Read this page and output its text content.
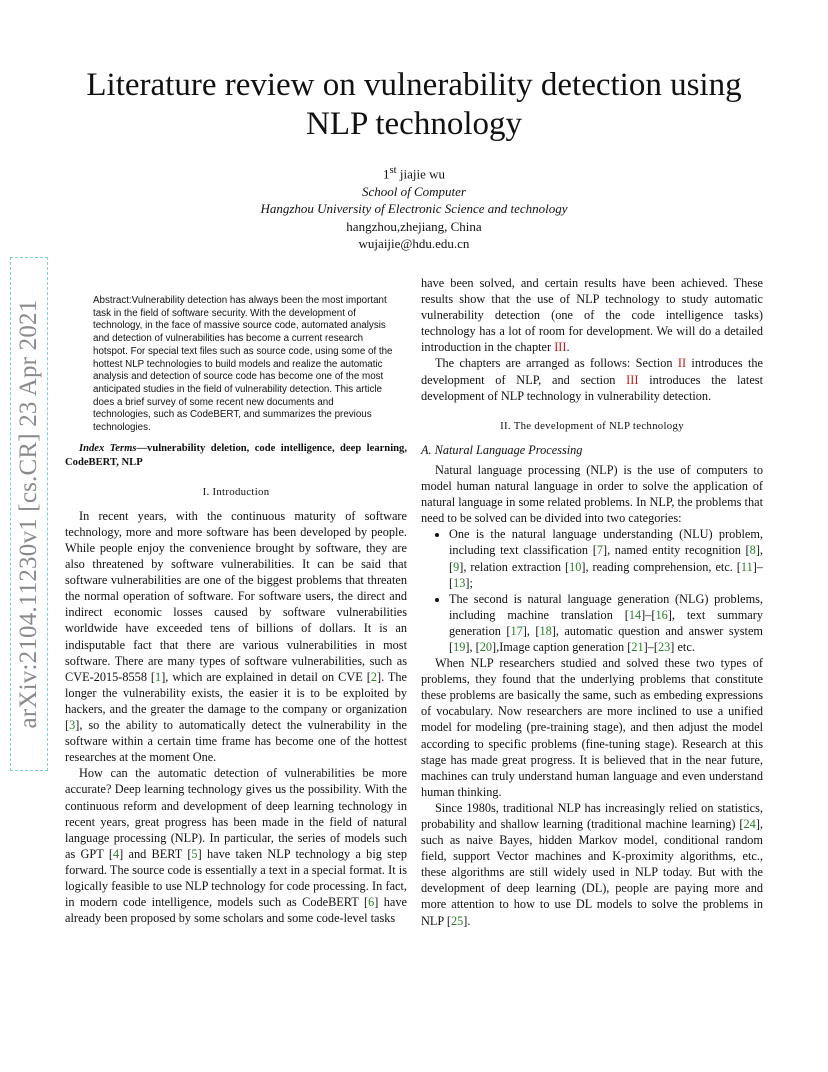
arXiv:2104.11230v1 [cs.CR] 23 Apr 2021
Literature review on vulnerability detection using NLP technology
1st jiajie wu
School of Computer
Hangzhou University of Electronic Science and technology
hangzhou,zhejiang, China
wujaijie@hdu.edu.cn
Abstract:Vulnerability detection has always been the most important task in the field of software security. With the development of technology, in the face of massive source code, automated analysis and detection of vulnerabilities has become a current research hotspot. For special text files such as source code, using some of the hottest NLP technologies to build models and realize the automatic analysis and detection of source code has become one of the most anticipated studies in the field of vulnerability detection. This article does a brief survey of some recent new documents and technologies, such as CodeBERT, and summarizes the previous technologies.
Index Terms—vulnerability deletion, code intelligence, deep learning, CodeBERT, NLP
I. Introduction

In recent years, with the continuous maturity of software technology, more and more software has been developed by people. While people enjoy the convenience brought by software, they are also threatened by software vulnerabilities. It can be said that software vulnerabilities are one of the biggest problems that threaten the normal operation of software. For software users, the direct and indirect economic losses caused by software vulnerabilities worldwide have exceeded tens of billions of dollars. It is an indisputable fact that there are various vulnerabilities in most software. There are many types of software vulnerabilities, such as CVE-2015-8558 [1], which are explained in detail on CVE [2]. The longer the vulnerability exists, the easier it is to be exploited by hackers, and the greater the damage to the company or organization [3], so the ability to automatically detect the vulnerability in the software within a certain time frame has become one of the hottest researches at the moment One.

How can the automatic detection of vulnerabilities be more accurate? Deep learning technology gives us the possibility. With the continuous reform and development of deep learning technology in recent years, great progress has been made in the field of natural language processing (NLP). In particular, the series of models such as GPT [4] and BERT [5] have taken NLP technology a big step forward. The source code is essentially a text in a special format. It is logically feasible to use NLP technology for code processing. In fact, in modern code intelligence, models such as CodeBERT [6] have already been proposed by some scholars and some code-level tasks

have been solved, and certain results have been achieved. These results show that the use of NLP technology to study automatic vulnerability detection (one of the code intelligence tasks) technology has a lot of room for development. We will do a detailed introduction in the chapter III.

The chapters are arranged as follows: Section II introduces the development of NLP, and section III introduces the latest development of NLP technology in vulnerability detection.

II. The development of NLP technology
A. Natural Language Processing

Natural language processing (NLP) is the use of computers to model human natural language in order to solve the application of natural language in some related problems. In NLP, the problems that need to be solved can be divided into two categories:

• One is the natural language understanding (NLU) problem, including text classification [7], named entity recognition [8], [9], relation extraction [10], reading comprehension, etc. [11]–[13];
• The second is natural language generation (NLG) problems, including machine translation [14]–[16], text summary generation [17], [18], automatic question and answer system [19], [20],Image caption generation [21]–[23] etc.

When NLP researchers studied and solved these two types of problems, they found that the underlying problems that constitute these problems are basically the same, such as embeding expressions of vocabulary. Now researchers are more inclined to use a unified model for modeling (pre-training stage), and then adjust the model according to specific problems (fine-tuning stage). Research at this stage has made great progress. It is believed that in the near future, machines can truly understand human language and even understand human thinking.

Since 1980s, traditional NLP has increasingly relied on statistics, probability and shallow learning (traditional machine learning) [24], such as naive Bayes, hidden Markov model, conditional random field, support Vector machines and K-proximity algorithms, etc., these algorithms are still widely used in NLP today. But with the development of deep learning (DL), people are paying more and more attention to how to use DL models to solve the problems in NLP [25].
